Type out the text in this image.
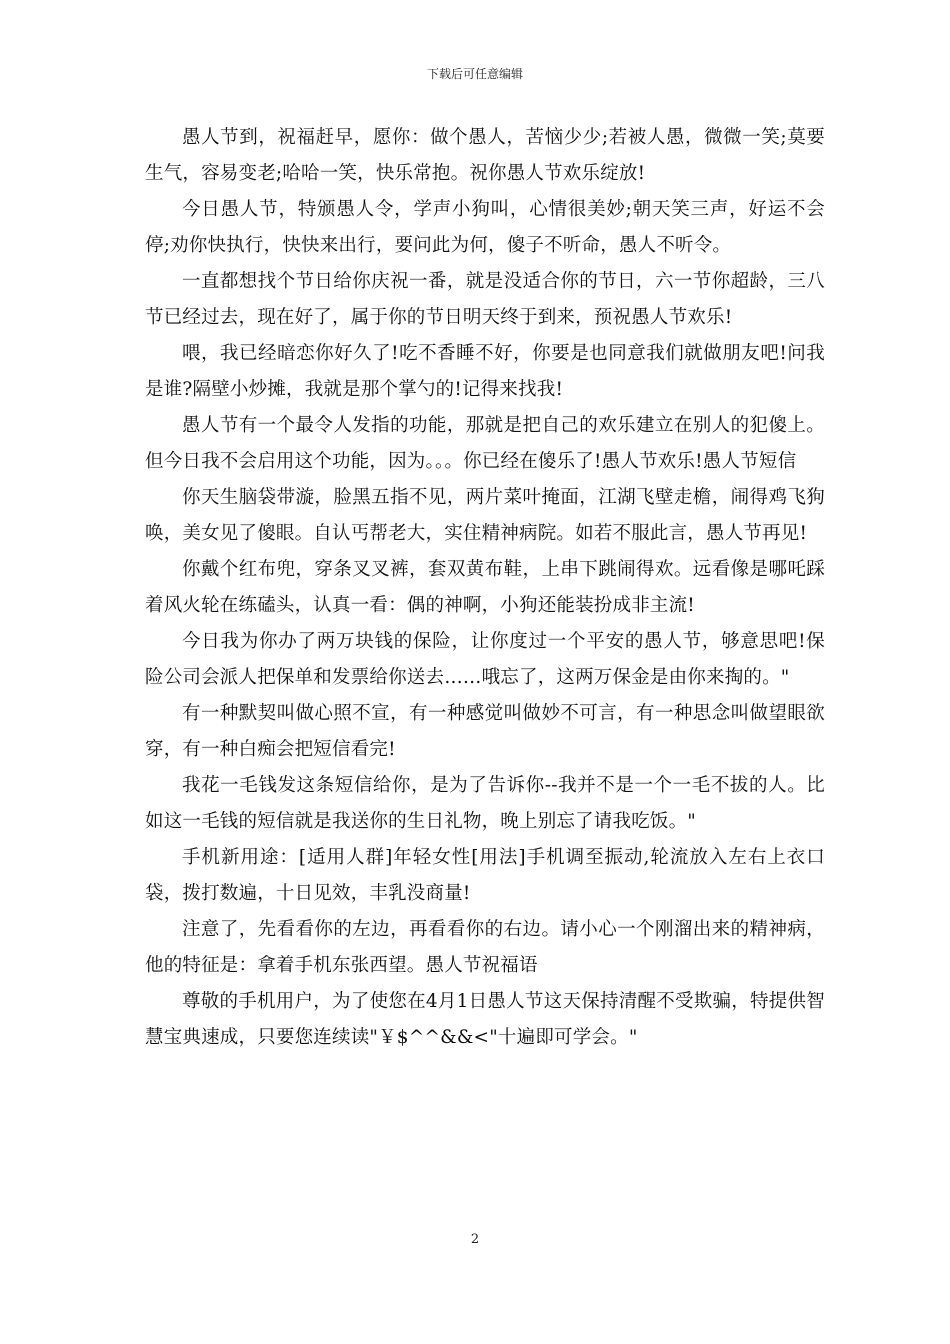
下载后可任意编辑

愚人节到，祝福赶早，愿你：做个愚人，苦恼少少;若被人愚，微微一笑;莫要生气，容易变老;哈哈一笑，快乐常抱。祝你愚人节欢乐绽放!

今日愚人节，特颁愚人令，学声小狗叫，心情很美妙;朝天笑三声，好运不会停;劝你快执行，快快来出行，要问此为何，傻子不听命，愚人不听令。

一直都想找个节日给你庆祝一番，就是没适合你的节日，六一节你超龄，三八节已经过去，现在好了，属于你的节日明天终于到来，预祝愚人节欢乐!

喂，我已经暗恋你好久了!吃不香睡不好，你要是也同意我们就做朋友吧!问我是谁?隔壁小炒摊，我就是那个掌勺的!记得来找我!

愚人节有一个最令人发指的功能，那就是把自己的欢乐建立在别人的犯傻上。但今日我不会启用这个功能，因为。。。你已经在傻乐了!愚人节欢乐!愚人节短信

你天生脑袋带漩，脸黑五指不见，两片菜叶掩面，江湖飞壁走檐，闹得鸡飞狗唤，美女见了傻眼。自认丐帮老大，实住精神病院。如若不服此言，愚人节再见!

你戴个红布兜，穿条叉叉裤，套双黄布鞋，上串下跳闹得欢。远看像是哪吒踩着风火轮在练磕头，认真一看：偶的神啊，小狗还能装扮成非主流!

今日我为你办了两万块钱的保险，让你度过一个平安的愚人节，够意思吧!保险公司会派人把保单和发票给你送去……哦忘了，这两万保金是由你来掏的。"

有一种默契叫做心照不宣，有一种感觉叫做妙不可言，有一种思念叫做望眼欲穿，有一种白痴会把短信看完!

我花一毛钱发这条短信给你，是为了告诉你--我并不是一个一毛不拔的人。比如这一毛钱的短信就是我送你的生日礼物，晚上别忘了请我吃饭。"

手机新用途：[适用人群]年轻女性[用法]手机调至振动,轮流放入左右上衣口袋，拨打数遍，十日见效，丰乳没商量!

注意了，先看看你的左边，再看看你的右边。请小心一个刚溜出来的精神病，他的特征是：拿着手机东张西望。愚人节祝福语

尊敬的手机用户，为了使您在4月1日愚人节这天保持清醒不受欺骗，特提供智慧宝典速成，只要您连续读"￥$^^&&<"十遍即可学会。"

2
